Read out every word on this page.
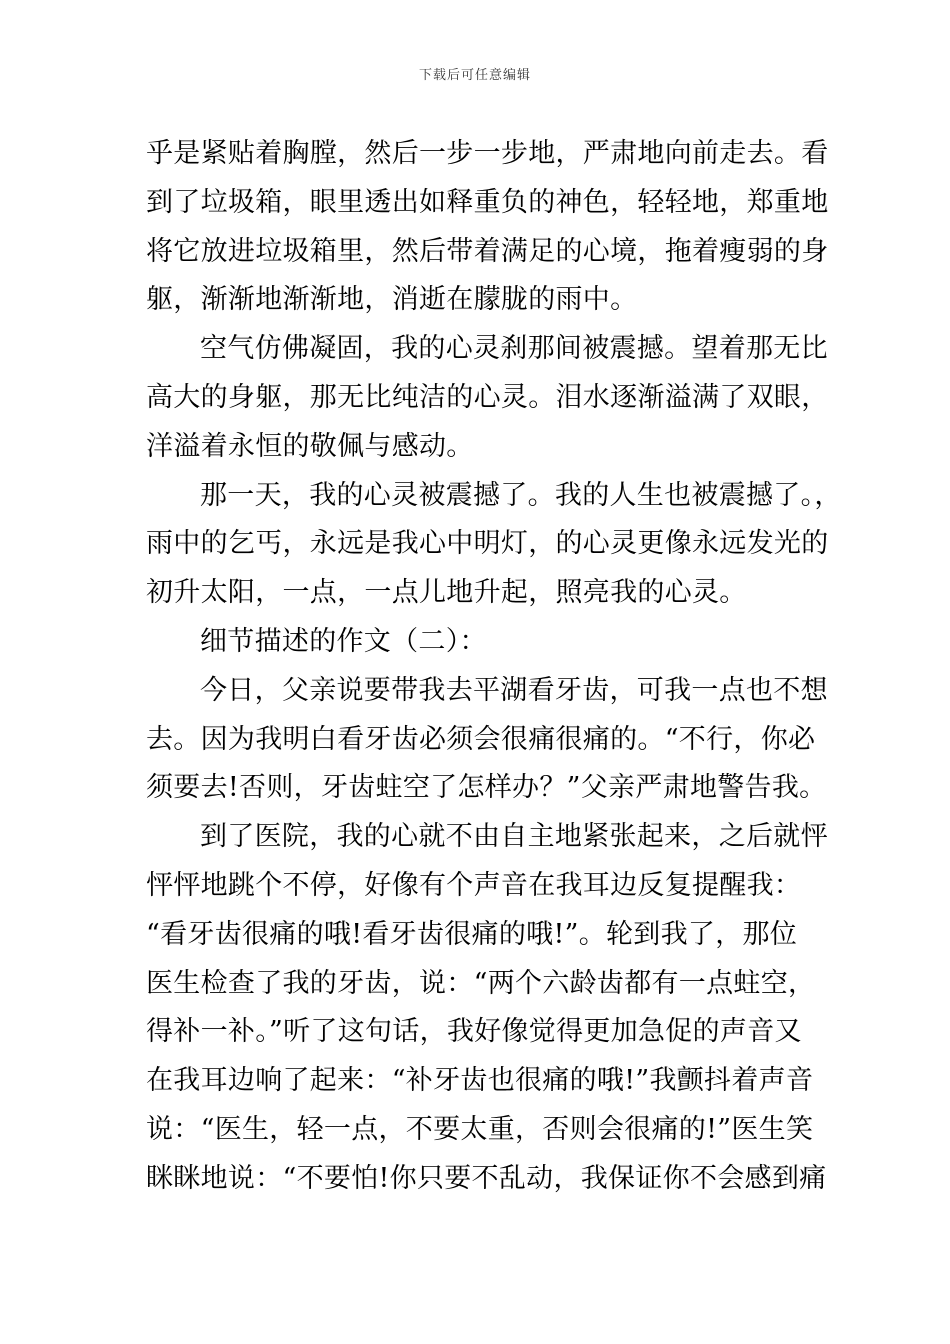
下载后可任意编辑
乎是紧贴着胸膛，然后一步一步地，严肃地向前走去。看
到了垃圾箱，眼里透出如释重负的神色，轻轻地，郑重地
将它放进垃圾箱里，然后带着满足的心境，拖着瘦弱的身
躯，渐渐地渐渐地，消逝在朦胧的雨中。
空气仿佛凝固，我的心灵刹那间被震撼。望着那无比
高大的身躯，那无比纯洁的心灵。泪水逐渐溢满了双眼，
洋溢着永恒的敬佩与感动。
那一天，我的心灵被震撼了。我的人生也被震撼了。，
雨中的乞丐，永远是我心中明灯，的心灵更像永远发光的
初升太阳，一点，一点儿地升起，照亮我的心灵。
细节描述的作文（二）：
今日，父亲说要带我去平湖看牙齿，可我一点也不想
去。因为我明白看牙齿必须会很痛很痛的。“不行，你必
须要去!否则，牙齿蛀空了怎样办？”父亲严肃地警告我。
到了医院，我的心就不由自主地紧张起来，之后就怦
怦怦地跳个不停，好像有个声音在我耳边反复提醒我：
“看牙齿很痛的哦!看牙齿很痛的哦!”。轮到我了，那位
医生检查了我的牙齿，说：“两个六龄齿都有一点蛀空，
得补一补。”听了这句话，我好像觉得更加急促的声音又
在我耳边响了起来：“补牙齿也很痛的哦!”我颤抖着声音
说：“医生，轻一点，不要太重，否则会很痛的!”医生笑
眯眯地说：“不要怕!你只要不乱动，我保证你不会感到痛
